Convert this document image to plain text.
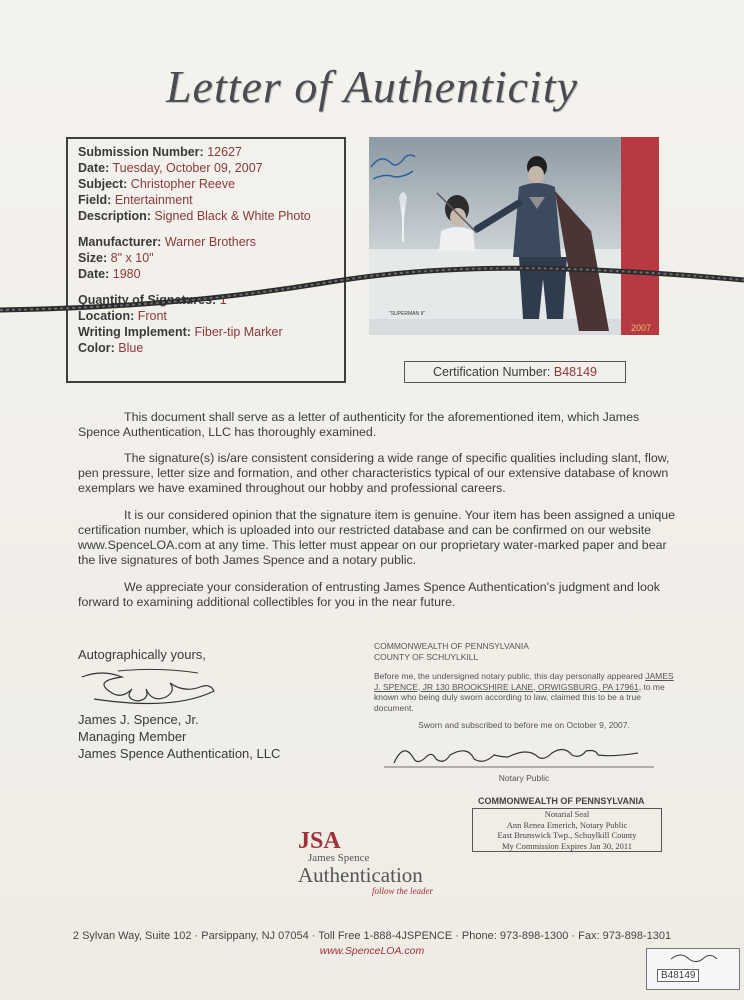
Letter of Authenticity
Submission Number: 12627
Date: Tuesday, October 09, 2007
Subject: Christopher Reeve
Field: Entertainment
Description: Signed Black & White Photo
Manufacturer: Warner Brothers
Size: 8" x 10"
Date: 1980
Quantity of Signatures: 1
Location: Front
Writing Implement: Fiber-tip Marker
Color: Blue
"SUPERMAN II"
2007
Certification Number: B48149

This document shall serve as a letter of authenticity for the aforementioned item, which James Spence Authentication, LLC has thoroughly examined.

The signature(s) is/are consistent considering a wide range of specific qualities including slant, flow, pen pressure, letter size and formation, and other characteristics typical of our extensive database of known exemplars we have examined throughout our hobby and professional careers.

It is our considered opinion that the signature item is genuine. Your item has been assigned a unique certification number, which is uploaded into our restricted database and can be confirmed on our website www.SpenceLOA.com at any time. This letter must appear on our proprietary water-marked paper and bear the live signatures of both James Spence and a notary public.

We appreciate your consideration of entrusting James Spence Authentication's judgment and look forward to examining additional collectibles for you in the near future.

Autographically yours,
James J. Spence, Jr.
Managing Member
James Spence Authentication, LLC
COMMONWEALTH OF PENNSYLVANIA
COUNTY OF SCHUYLKILL
Before me, the undersigned notary public, this day personally appeared JAMES J. SPENCE, JR 130 BROOKSHIRE LANE, ORWIGSBURG, PA 17961, to me known who being duly sworn according to law, claimed this to be a true document.
Sworn and subscribed to before me on October 9, 2007.
Notary Public
COMMONWEALTH OF PENNSYLVANIA
Notarial Seal
Ann Renea Emerich, Notary Public
East Brunswick Twp., Schuylkill County
My Commission Expires Jan 30, 2011
JSA
James Spence
Authentication
follow the leader
2 Sylvan Way, Suite 102 · Parsippany, NJ 07054 · Toll Free 1-888-4JSPENCE · Phone: 973-898-1300 · Fax: 973-898-1301
www.SpenceLOA.com
B48149
